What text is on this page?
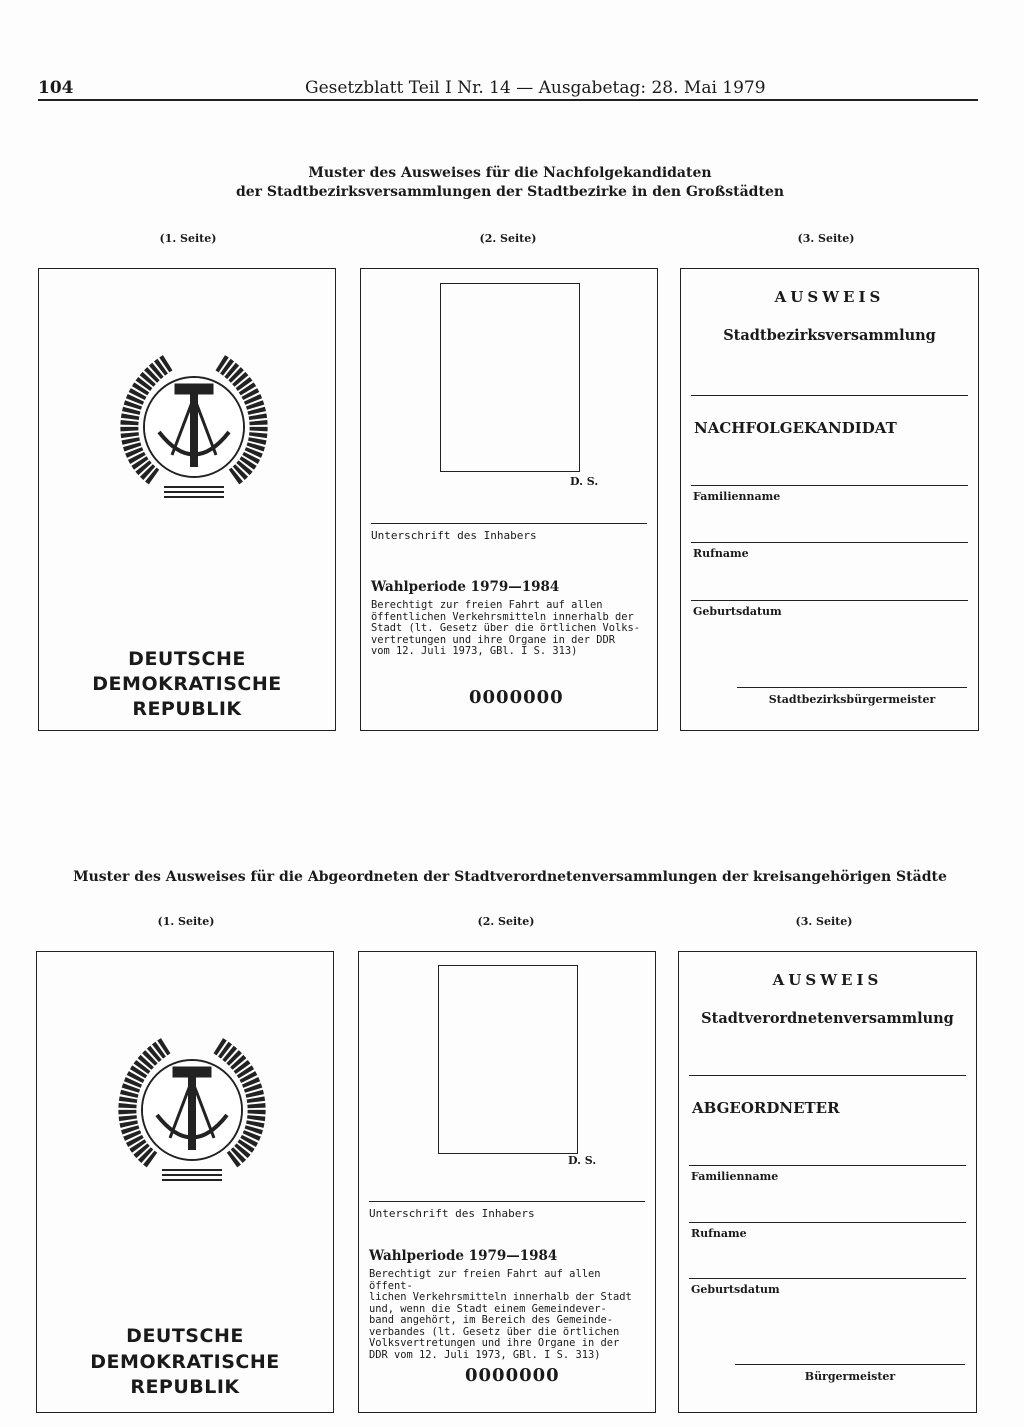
104	Gesetzblatt Teil I Nr. 14 — Ausgabetag: 28. Mai 1979
Muster des Ausweises für die Nachfolgekandidaten
der Stadtbezirksversammlungen der Stadtbezirke in den Großstädten
(1. Seite)	(2. Seite)	(3. Seite)
DEUTSCHE
DEMOKRATISCHE REPUBLIK
D. S.
Unterschrift des Inhabers
Wahlperiode 1979—1984
Berechtigt zur freien Fahrt auf allen
öffentlichen Verkehrsmitteln innerhalb der
Stadt (lt. Gesetz über die örtlichen Volks-
vertretungen und ihre Organe in der DDR
vom 12. Juli 1973, GBl. I S. 313)
0000000
AUSWEIS
Stadtbezirksversammlung
NACHFOLGEKANDIDAT
Familienname
Rufname
Geburtsdatum
Stadtbezirksbürgermeister
Muster des Ausweises für die Abgeordneten der Stadtverordnetenversammlungen der kreisangehörigen Städte
(1. Seite)	(2. Seite)	(3. Seite)
DEUTSCHE
DEMOKRATISCHE REPUBLIK
D. S.
Unterschrift des Inhabers
Wahlperiode 1979—1984
Berechtigt zur freien Fahrt auf allen öffent-
lichen Verkehrsmitteln innerhalb der Stadt
und, wenn die Stadt einem Gemeindever-
band angehört, im Bereich des Gemeinde-
verbandes (lt. Gesetz über die örtlichen
Volksvertretungen und ihre Organe in der
DDR vom 12. Juli 1973, GBl. I S. 313)
0000000
AUSWEIS
Stadtverordnetenversammlung
ABGEORDNETER
Familienname
Rufname
Geburtsdatum
Bürgermeister
